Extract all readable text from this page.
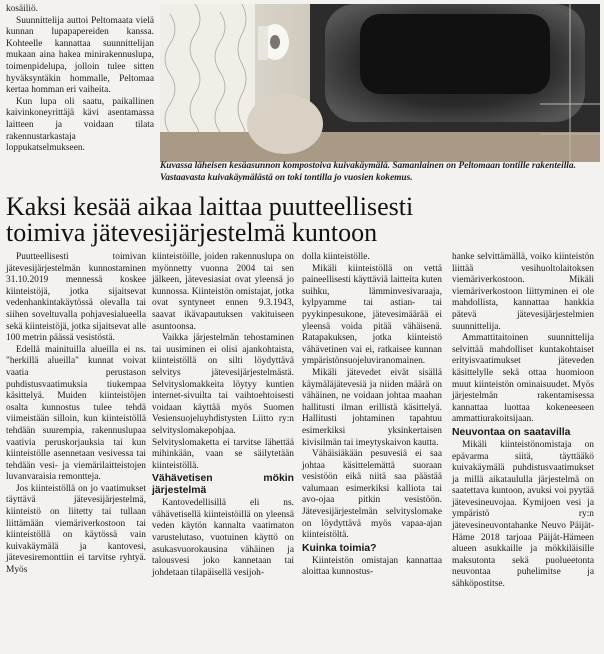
kosäiliö.

Suunnittelija auttoi Peltomaata vielä kunnan lupapapereiden kanssa. Kohteelle kannattaa suunnittelijan mukaan aina hakea minirakennuslupa, toimenpidelupa, jolloin tulee sitten hyväksyntäkin hommalle, Peltomaa kertaa homman eri vaiheita.

Kun lupa oli saatu, paikallinen kaivinkoneyrittäjä kävi asentamassa laitteen ja voidaan tilata rakennustarkastaja loppukatselmukseen.

Kuvassa läheisen kesäasunnon kompostoiva kuivakäymälä. Samanlainen on Peltomaan tontille rakenteilla. Vastaavasta kuivakäymälästä on toki tontilla jo vuosien kokemus.
Kaksi kesää aikaa laittaa puutteellisesti
toimiva jätevesijärjestelmä kuntoon

Puutteellisesti toimivan jätevesijärjestelmän kunnostaminen 31.10.2019 mennessä koskee kiinteistöjä, jotka sijaitsevat vedenhankintakäytössä olevalla tai siihen soveltuvalla pohjavesialueella sekä kiinteistöjä, jotka sijaitsevat alle 100 metrin päässä vesistöstä.

Edellä mainituilla alueilla ei ns. "herkillä alueilla" kunnat voivat vaatia perustason puhdistusvaatimuksia tiukempaa käsittelyä. Muiden kiinteistöjen osalta kunnostus tulee tehdä viimeistään silloin, kun kiinteistöllä tehdään suurempia, rakennuslupaa vaativia peruskorjauksia tai kun kiinteistölle asennetaan vesivessa tai tehdään vesi- ja viemärilaitteistojen luvanvaraisia remontteja.

Jos kiinteistöllä on jo vaatimukset täyttävä jätevesijärjestelmä, kiinteistö on liitetty tai tullaan liittämään viemäriverkostoon tai kiinteistöllä on käytössä vain kuivakäymälä ja kantovesi, jätevesiremonttiin ei tarvitse ryhtyä. Myös

kiinteistöille, joiden rakennuslupa on myönnetty vuonna 2004 tai sen jälkeen, jätevesiasiat ovat yleensä jo kunnossa. Kiinteistön omistajat, jotka ovat syntyneet ennen 9.3.1943, saavat ikävapautuksen vakituiseen asuntoonsa.

Vaikka järjestelmän tehostaminen tai uusiminen ei olisi ajankohtaista, kiinteistöllä on silti löydyttävä selvitys jätevesijärjestelmästä. Selvityslomakkeita löytyy kuntien internet-sivuilta tai vaihtoehtoisesti voidaan käyttää myös Suomen Vesiensuojeluyhdistysten Liitto ry:n selvityslomakepohjaa. Selvityslomaketta ei tarvitse lähettää mihinkään, vaan se säilytetään kiinteistöllä.

Vähävetisen mökin järjestelmä

Kantovedellisillä eli ns. vähävetisellä kiinteistöillä on yleensä veden käytön kannalta vaatimaton varustelutaso, vuotuinen käyttö on asukasvuorokausina vähäinen ja talousvesi joko kannetaan tai johdetaan tilapäisellä vesijoh-

dolla kiinteistölle.

Mikäli kiinteistöllä on vettä paineellisesti käyttäviä laitteita kuten suihku, lämminvesivaraaja, kylpyamme tai astian- tai pyykinpesukone, jätevesimäärää ei yleensä voida pitää vähäisenä. Ratapakuksen, jotka kiinteistö vähävetinen vai ei, ratkaisee kunnan ympäristönsuojeluviranomainen.

Mikäli jätevedet eivät sisällä käymäläjätevesiä ja niiden määrä on vähäinen, ne voidaan johtaa maahan hallitusti ilman erillistä käsittelyä. Hallitusti johtaminen tapahtuu esimerkiksi yksinkertaisen kivisilmän tai imeytyskaivon kautta.

Vähäisiäkään pesuvesiä ei saa johtaa käsittelemättä suoraan vesistöön eikä niitä saa päästää valumaan esimerkiksi kalliota tai avo-ojaa pitkin vesistöön. Jätevesijärjestelmän selvityslomake on löydyttävä myös vapaa-ajan kiinteistöltä.

Kuinka toimia?

Kiinteistön omistajan kannattaa aloittaa kunnostus-

hanke selvittämällä, voiko kiinteistön liittää vesihuoltolaitoksen viemäriverkostoon. Mikäli viemäriverkostoon liittyminen ei ole mahdollista, kannattaa hankkia pätevä jätevesijärjestelmien suunnittelija.

Ammattitaitoinen suunnittelija selvittää mahdolliset kuntakohtaiset erityisvaatimukset jäteveden käsittelylle sekä ottaa huomioon muut kiinteistön ominaisuudet. Myös järjestelmän rakentamisessa kannattaa luottaa kokeneeseen ammattiurakoitsijaan.

Neuvontaa on saatavilla

Mikäli kiinteistönomistaja on epävarma siitä, täyttääkö kuivakäymälä puhdistusvaatimukset ja millä aikataululla järjestelmä on saatettava kuntoon, avuksi voi pyytää jätevesineuvojaa. Kymijoen vesi ja ympäristö ry:n jätevesineuvontahanke Neuvo Päijät-Häme 2018 tarjoaa Päijät-Hämeen alueen asukkaille ja mökkiläisille maksutonta sekä puolueetonta neuvontaa puhelimitse ja sähköpostitse.
